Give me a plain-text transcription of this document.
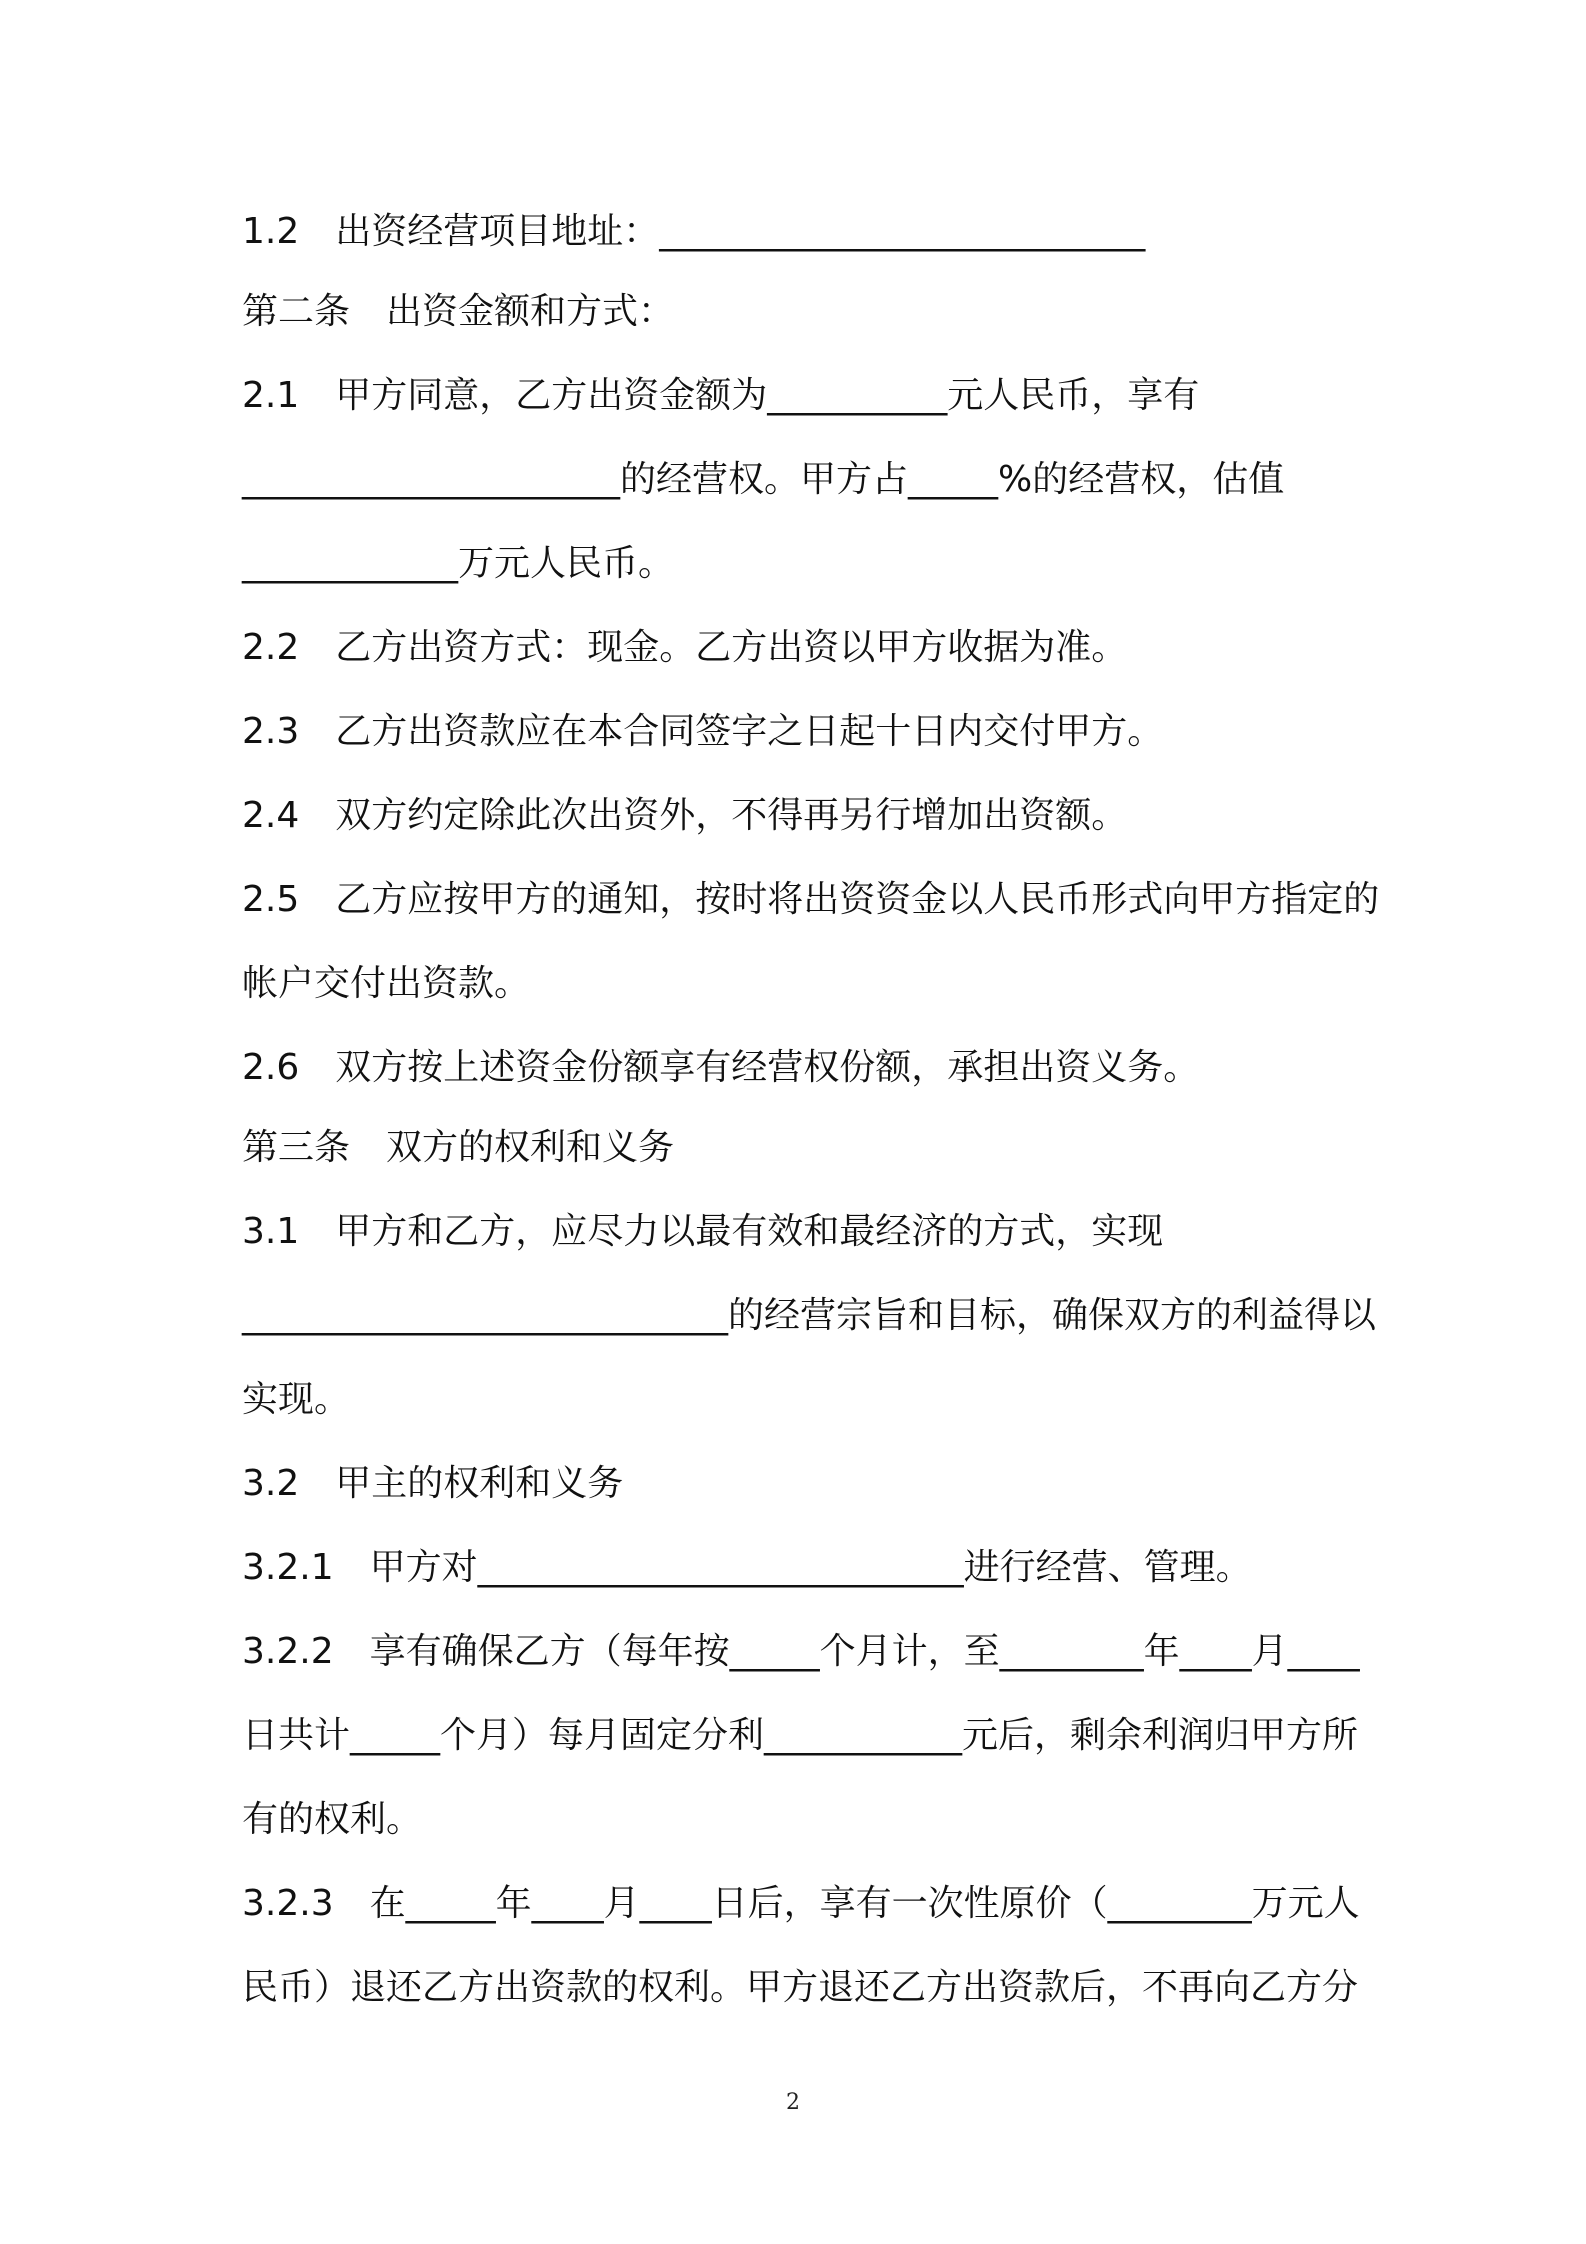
1.2　出资经营项目地址：___________________________
第二条　出资金额和方式：
2.1　甲方同意，乙方出资金额为__________元人民币，享有
_____________________的经营权。甲方占_____%的经营权，估值
____________万元人民币。
2.2　乙方出资方式：现金。乙方出资以甲方收据为准。
2.3　乙方出资款应在本合同签字之日起十日内交付甲方。
2.4　双方约定除此次出资外，不得再另行增加出资额。
2.5　乙方应按甲方的通知，按时将出资资金以人民币形式向甲方指定的
帐户交付出资款。
2.6　双方按上述资金份额享有经营权份额，承担出资义务。
第三条　双方的权利和义务
3.1　甲方和乙方，应尽力以最有效和最经济的方式，实现
___________________________的经营宗旨和目标，确保双方的利益得以
实现。
3.2　甲主的权利和义务
3.2.1　甲方对___________________________进行经营、管理。
3.2.2　享有确保乙方（每年按_____个月计，至________年____月____
日共计_____个月）每月固定分利___________元后，剩余利润归甲方所
有的权利。
3.2.3　在_____年____月____日后，享有一次性原价（________万元人
民币）退还乙方出资款的权利。甲方退还乙方出资款后，不再向乙方分
2
